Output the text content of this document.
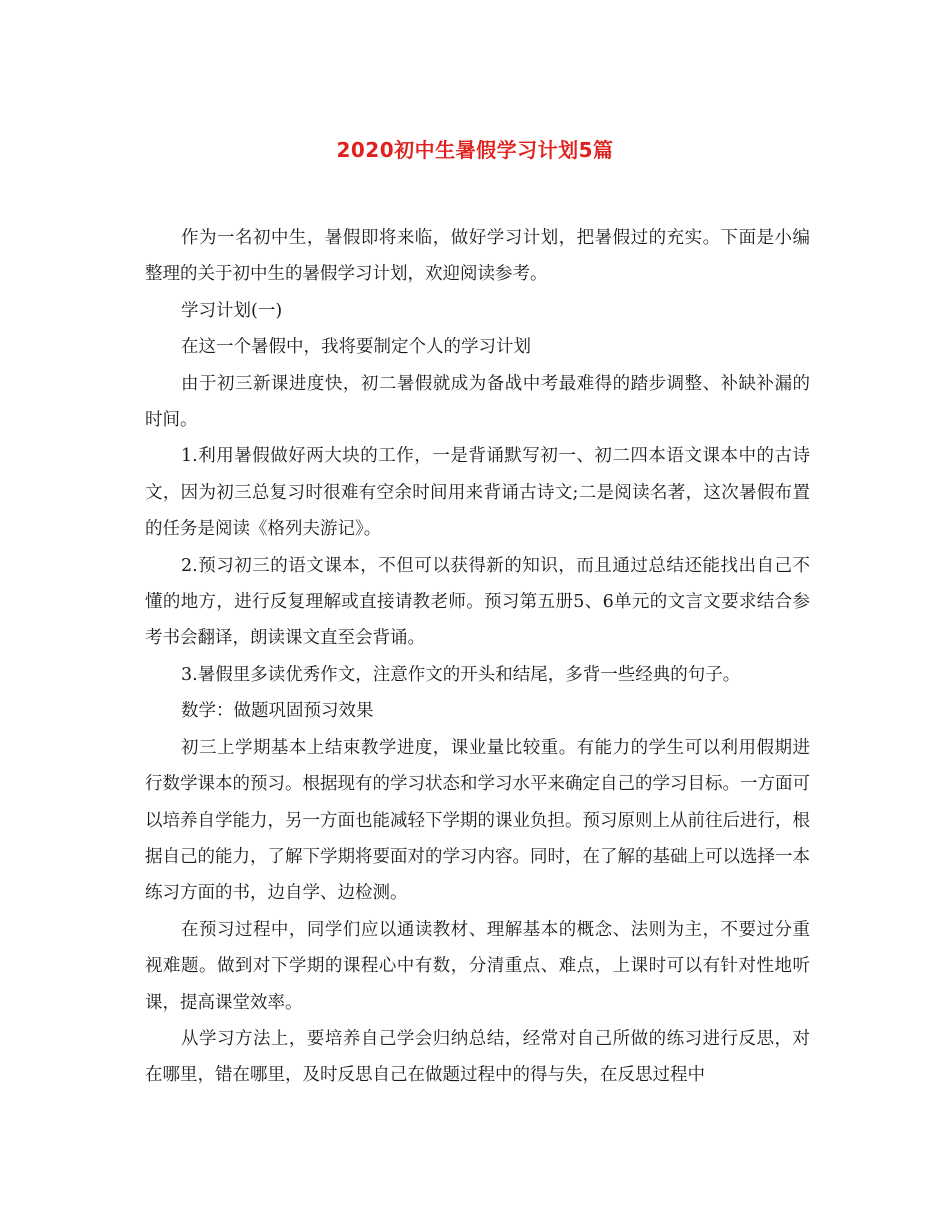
2020初中生暑假学习计划5篇

作为一名初中生，暑假即将来临，做好学习计划，把暑假过的充实。下面是小编整理的关于初中生的暑假学习计划，欢迎阅读参考。

学习计划(一)

在这一个暑假中，我将要制定个人的学习计划

由于初三新课进度快，初二暑假就成为备战中考最难得的踏步调整、补缺补漏的时间。

1.利用暑假做好两大块的工作，一是背诵默写初一、初二四本语文课本中的古诗文，因为初三总复习时很难有空余时间用来背诵古诗文;二是阅读名著，这次暑假布置的任务是阅读《格列夫游记》。

2.预习初三的语文课本，不但可以获得新的知识，而且通过总结还能找出自己不懂的地方，进行反复理解或直接请教老师。预习第五册5、6单元的文言文要求结合参考书会翻译，朗读课文直至会背诵。

3.暑假里多读优秀作文，注意作文的开头和结尾，多背一些经典的句子。

数学：做题巩固预习效果

初三上学期基本上结束教学进度，课业量比较重。有能力的学生可以利用假期进行数学课本的预习。根据现有的学习状态和学习水平来确定自己的学习目标。一方面可以培养自学能力，另一方面也能减轻下学期的课业负担。预习原则上从前往后进行，根据自己的能力，了解下学期将要面对的学习内容。同时，在了解的基础上可以选择一本练习方面的书，边自学、边检测。

在预习过程中，同学们应以通读教材、理解基本的概念、法则为主，不要过分重视难题。做到对下学期的课程心中有数，分清重点、难点，上课时可以有针对性地听课，提高课堂效率。

从学习方法上，要培养自己学会归纳总结，经常对自己所做的练习进行反思，对在哪里，错在哪里，及时反思自己在做题过程中的得与失，在反思过程中
